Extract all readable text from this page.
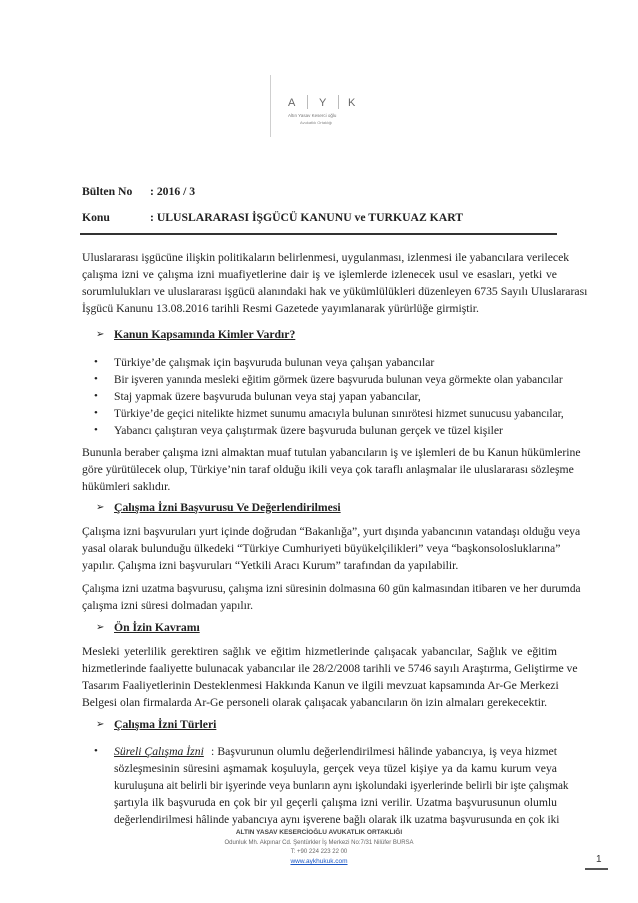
A Y K
Altın Yasav Keserci oğlu
Avukatlık Ortaklığı
Bülten No : 2016 / 3
Konu	: ULUSLARARASI İŞGÜCÜ KANUNU ve TURKUAZ KART
Uluslararası işgücüne ilişkin politikaların belirlenmesi, uygulanması, izlenmesi ile yabancılara verilecek
çalışma izni ve çalışma izni muafiyetlerine dair iş ve işlemlerde izlenecek usul ve esasları, yetki ve
sorumlulukları ve uluslararası işgücü alanındaki hak ve yükümlülükleri düzenleyen 6735 Sayılı Uluslararası
İşgücü Kanunu 13.08.2016 tarihli Resmi Gazetede yayımlanarak yürürlüğe girmiştir.
➢ Kanun Kapsamında Kimler Vardır?
• Türkiye’de çalışmak için başvuruda bulunan veya çalışan yabancılar
• Bir işveren yanında mesleki eğitim görmek üzere başvuruda bulunan veya görmekte olan yabancılar
• Staj yapmak üzere başvuruda bulunan veya staj yapan yabancılar,
• Türkiye’de geçici nitelikte hizmet sunumu amacıyla bulunan sınırötesi hizmet sunucusu yabancılar,
• Yabancı çalıştıran veya çalıştırmak üzere başvuruda bulunan gerçek ve tüzel kişiler
Bununla beraber çalışma izni almaktan muaf tutulan yabancıların iş ve işlemleri de bu Kanun hükümlerine
göre yürütülecek olup, Türkiye’nin taraf olduğu ikili veya çok taraflı anlaşmalar ile uluslararası sözleşme
hükümleri saklıdır.
➢ Çalışma İzni Başvurusu Ve Değerlendirilmesi
Çalışma izni başvuruları yurt içinde doğrudan “Bakanlığa”, yurt dışında yabancının vatandaşı olduğu veya
yasal olarak bulunduğu ülkedeki “Türkiye Cumhuriyeti büyükelçilikleri” veya “başkonsolosluklarına”
yapılır. Çalışma izni başvuruları “Yetkili Aracı Kurum” tarafından da yapılabilir.
Çalışma izni uzatma başvurusu, çalışma izni süresinin dolmasına 60 gün kalmasından itibaren ve her durumda
çalışma izni süresi dolmadan yapılır.
➢ Ön İzin Kavramı
Mesleki yeterlilik gerektiren sağlık ve eğitim hizmetlerinde çalışacak yabancılar, Sağlık ve eğitim
hizmetlerinde faaliyette bulunacak yabancılar ile 28/2/2008 tarihli ve 5746 sayılı Araştırma, Geliştirme ve
Tasarım Faaliyetlerinin Desteklenmesi Hakkında Kanun ve ilgili mevzuat kapsamında Ar-Ge Merkezi
Belgesi olan firmalarda Ar-Ge personeli olarak çalışacak yabancıların ön izin almaları gerekecektir.
➢ Çalışma İzni Türleri
• Süreli Çalışma İzni : Başvurunun olumlu değerlendirilmesi hâlinde yabancıya, iş veya hizmet
sözleşmesinin süresini aşmamak koşuluyla, gerçek veya tüzel kişiye ya da kamu kurum veya
kuruluşuna ait belirli bir işyerinde veya bunların aynı işkolundaki işyerlerinde belirli bir işte çalışmak
şartıyla ilk başvuruda en çok bir yıl geçerli çalışma izni verilir. Uzatma başvurusunun olumlu
değerlendirilmesi hâlinde yabancıya aynı işverene bağlı olarak ilk uzatma başvurusunda en çok iki
ALTIN YASAV KESERCİOĞLU AVUKATLIK ORTAKLIĞI
Odunluk Mh. Akpınar Cd. Şentürkler İş Merkezi No:7/31 Nilüfer BURSA
T: +90 224 223 22 00
www.aykhukuk.com	1
